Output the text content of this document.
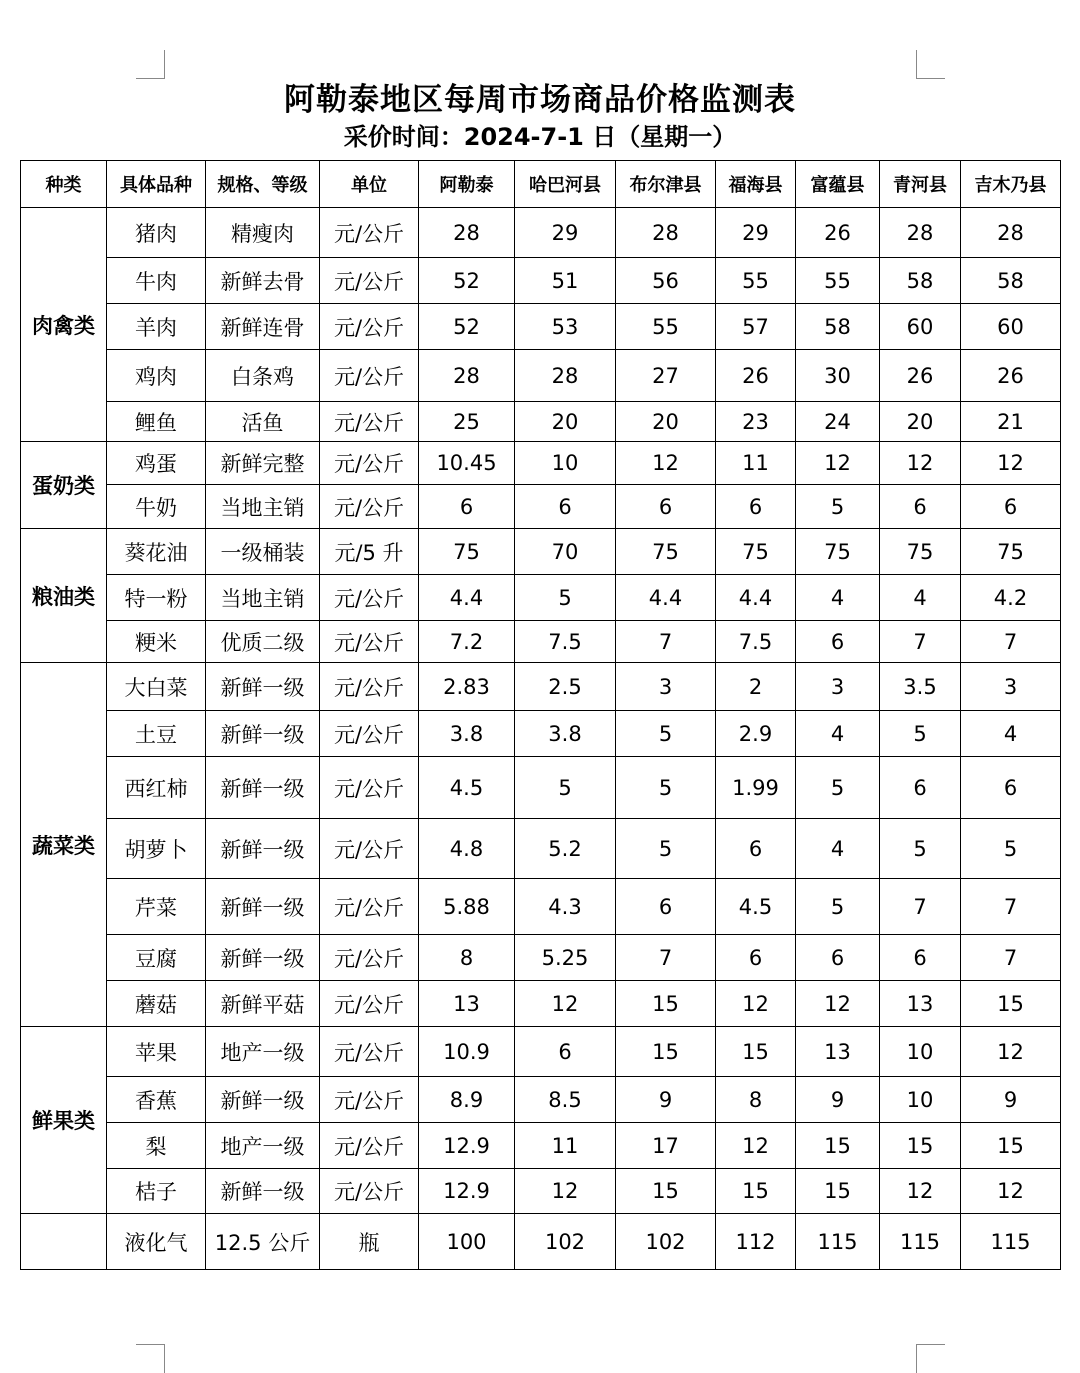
阿勒泰地区每周市场商品价格监测表
采价时间：2024-7-1 日（星期一）
种类	具体品种	规格、等级	单位	阿勒泰	哈巴河县	布尔津县	福海县	富蕴县	青河县	吉木乃县
肉禽类	猪肉	精瘦肉	元/公斤	28	29	28	29	26	28	28
	牛肉	新鲜去骨	元/公斤	52	51	56	55	55	58	58
	羊肉	新鲜连骨	元/公斤	52	53	55	57	58	60	60
	鸡肉	白条鸡	元/公斤	28	28	27	26	30	26	26
	鲤鱼	活鱼	元/公斤	25	20	20	23	24	20	21
蛋奶类	鸡蛋	新鲜完整	元/公斤	10.45	10	12	11	12	12	12
	牛奶	当地主销	元/公斤	6	6	6	6	5	6	6
粮油类	葵花油	一级桶装	元/5 升	75	70	75	75	75	75	75
	特一粉	当地主销	元/公斤	4.4	5	4.4	4.4	4	4	4.2
	粳米	优质二级	元/公斤	7.2	7.5	7	7.5	6	7	7
蔬菜类	大白菜	新鲜一级	元/公斤	2.83	2.5	3	2	3	3.5	3
	土豆	新鲜一级	元/公斤	3.8	3.8	5	2.9	4	5	4
	西红柿	新鲜一级	元/公斤	4.5	5	5	1.99	5	6	6
	胡萝卜	新鲜一级	元/公斤	4.8	5.2	5	6	4	5	5
	芹菜	新鲜一级	元/公斤	5.88	4.3	6	4.5	5	7	7
	豆腐	新鲜一级	元/公斤	8	5.25	7	6	6	6	7
	蘑菇	新鲜平菇	元/公斤	13	12	15	12	12	13	15
鲜果类	苹果	地产一级	元/公斤	10.9	6	15	15	13	10	12
	香蕉	新鲜一级	元/公斤	8.9	8.5	9	8	9	10	9
	梨	地产一级	元/公斤	12.9	11	17	12	15	15	15
	桔子	新鲜一级	元/公斤	12.9	12	15	15	15	12	12
	液化气	12.5 公斤	瓶	100	102	102	112	115	115	115
